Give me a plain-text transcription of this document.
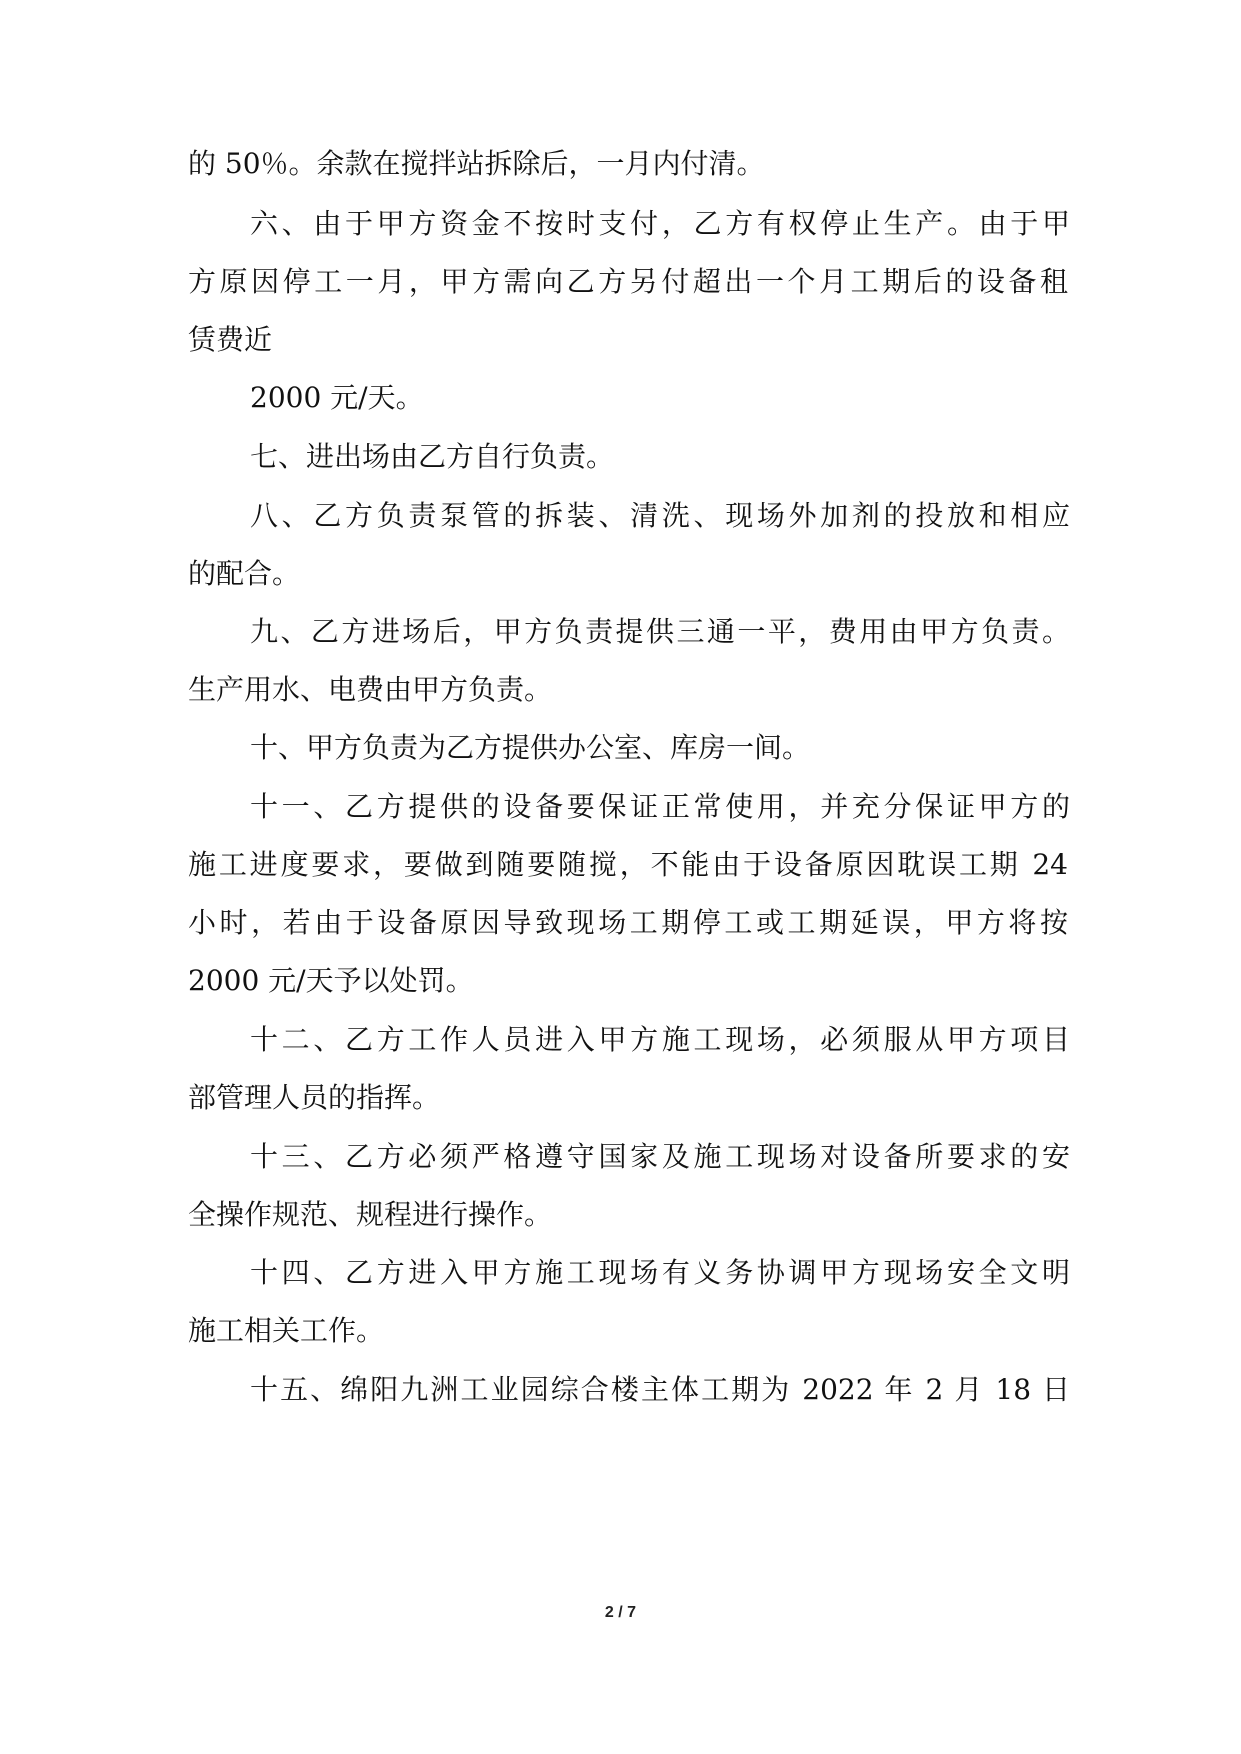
的 50％。余款在搅拌站拆除后，一月内付清。

六、由于甲方资金不按时支付，乙方有权停止生产。由于甲

方原因停工一月，甲方需向乙方另付超出一个月工期后的设备租

赁费近

2000 元/天。

七、进出场由乙方自行负责。

八、乙方负责泵管的拆装、清洗、现场外加剂的投放和相应

的配合。

九、乙方进场后，甲方负责提供三通一平，费用由甲方负责。

生产用水、电费由甲方负责。

十、甲方负责为乙方提供办公室、库房一间。

十一、乙方提供的设备要保证正常使用，并充分保证甲方的

施工进度要求，要做到随要随搅，不能由于设备原因耽误工期 24

小时，若由于设备原因导致现场工期停工或工期延误，甲方将按

2000 元/天予以处罚。

十二、乙方工作人员进入甲方施工现场，必须服从甲方项目

部管理人员的指挥。

十三、乙方必须严格遵守国家及施工现场对设备所要求的安

全操作规范、规程进行操作。

十四、乙方进入甲方施工现场有义务协调甲方现场安全文明

施工相关工作。

十五、绵阳九洲工业园综合楼主体工期为 2022 年 2 月 18 日

2 / 7
